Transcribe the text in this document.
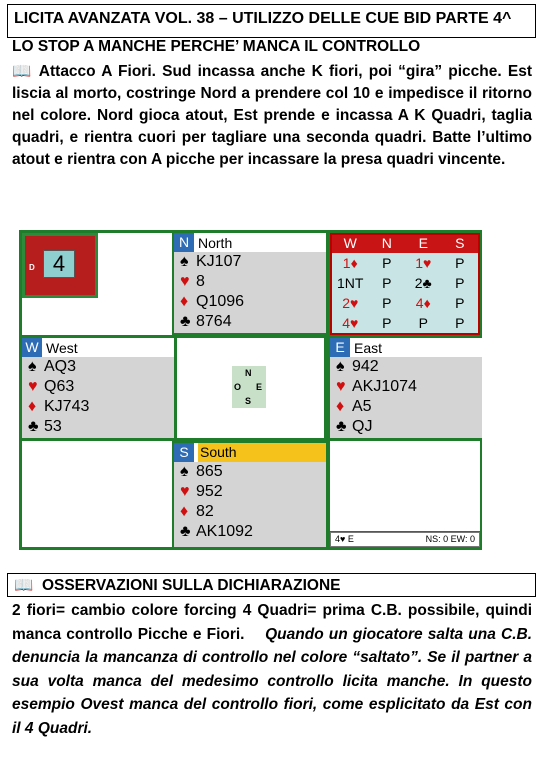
LICITA AVANZATA VOL. 38 – UTILIZZO DELLE CUE BID PARTE 4^
LO STOP A MANCHE PERCHE’ MANCA IL CONTROLLO
📖 Attacco A Fiori. Sud incassa anche K fiori, poi “gira” picche. Est liscia al morto, costringe Nord a prendere col 10 e impedisce il ritorno nel colore. Nord gioca atout, Est prende e incassa A K Quadri, taglia quadri, e rientra cuori per tagliare una seconda quadri. Batte l’ultimo atout e rientra con A picche per incassare la presa quadri vincente.
D 4
N North
♠ KJ107
♥ 8
♦ Q1096
♣ 8764
W	N	E	S
1♦	P	1♥	P
1NT	P	2♣	P
2♥	P	4♦	P
4♥	P	P	P
W West
♠ AQ3
♥ Q63
♦ KJ743
♣ 53
N
O E
S
E East
♠ 942
♥ AKJ1074
♦ A5
♣ QJ
S South
♠ 865
♥ 952
♦ 82
♣ AK1092	4♥ E	NS: 0 EW: 0
📖 OSSERVAZIONI SULLA DICHIARAZIONE
2 fiori= cambio colore forcing 4 Quadri= prima C.B. possibile, quindi manca controllo Picche e Fiori. Quando un giocatore salta una C.B. denuncia la mancanza di controllo nel colore “saltato”. Se il partner a sua volta manca del medesimo controllo licita manche. In questo esempio Ovest manca del controllo fiori, come esplicitato da Est con il 4 Quadri.
